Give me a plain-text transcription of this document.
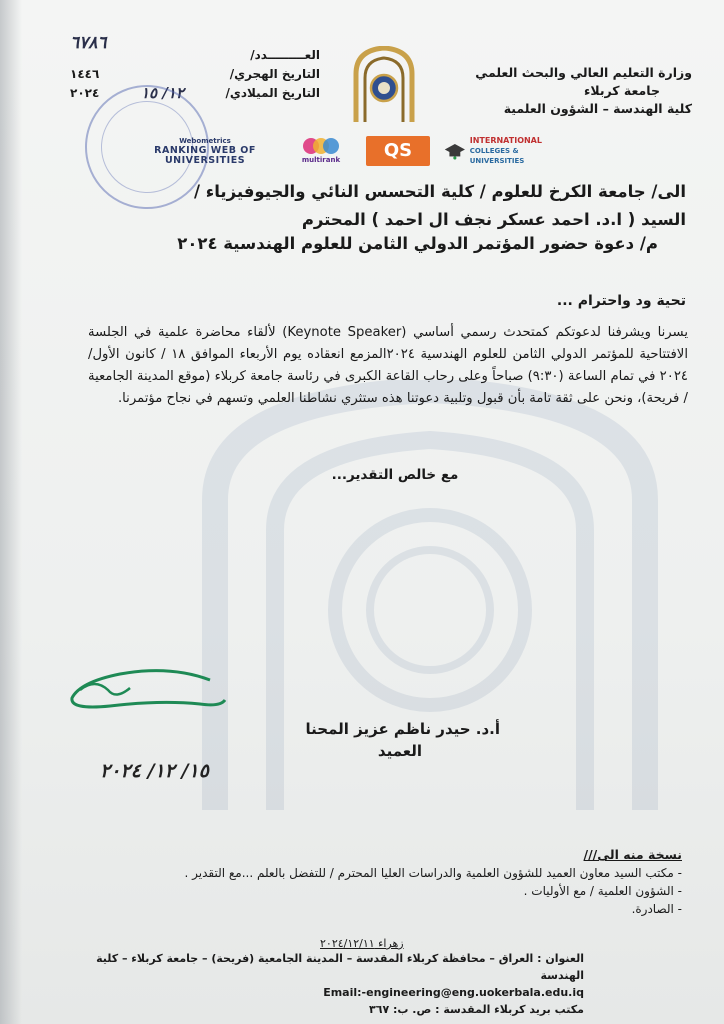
وزارة التعليم العالي والبحث العلمي
جامعة كربلاء
كلية الهندسة – الشؤون العلمية
العـــــــــدد/
٦٧٨٦
التاريخ الهجري/
١٤٤٦
التاريخ الميلادي/
١٢/ ١٥
٢٠٢٤
Webometrics
RANKING WEB OF UNIVERSITIES	multirank QS	INTERNATIONAL
COLLEGES & UNIVERSITIES
الى/ جامعة الكرخ للعلوم / كلية التحسس النائي والجيوفيزياء /
السيد ( ا.د. احمد عسكر نجف ال احمد ) المحترم
م/ دعوة حضور المؤتمر الدولي الثامن للعلوم الهندسية ٢٠٢٤
تحية ود واحترام ...
يسرنا ويشرفنا لدعوتكم كمتحدث رسمي أساسي (Keynote Speaker) لألقاء محاضرة علمية في الجلسة الافتتاحية للمؤتمر الدولي الثامن للعلوم الهندسية ٢٠٢٤المزمع انعقاده يوم الأربعاء الموافق ١٨ / كانون الأول/ ٢٠٢٤ في تمام الساعة (٩:٣٠) صباحاً وعلى رحاب القاعة الكبرى في رئاسة جامعة كربلاء (موقع المدينة الجامعية / فريحة)، ونحن على ثقة تامة بأن قبول وتلبية دعوتنا هذه ستثري نشاطنا العلمي وتسهم في نجاح مؤتمرنا.
مع خالص التقدير...
أ.د. حيدر ناظم عزيز المحنا
العميد
١٥/ ١٢/ ٢٠٢٤
نسخة منه الى///
- مكتب السيد معاون العميد للشؤون العلمية والدراسات العليا المحترم / للتفضل بالعلم ...مع التقدير .
- الشؤون العلمية / مع الأوليات .
- الصادرة.
زهراء ٢٠٢٤/١٢/١١
العنوان : العراق – محافظة كربلاء المقدسة – المدينة الجامعية (فريحة) – جامعة كربلاء – كلية الهندسة
Email:-engineering@eng.uokerbala.edu.iq
مكتب بريد كربلاء المقدسة : ص. ب: ٣٦٧
